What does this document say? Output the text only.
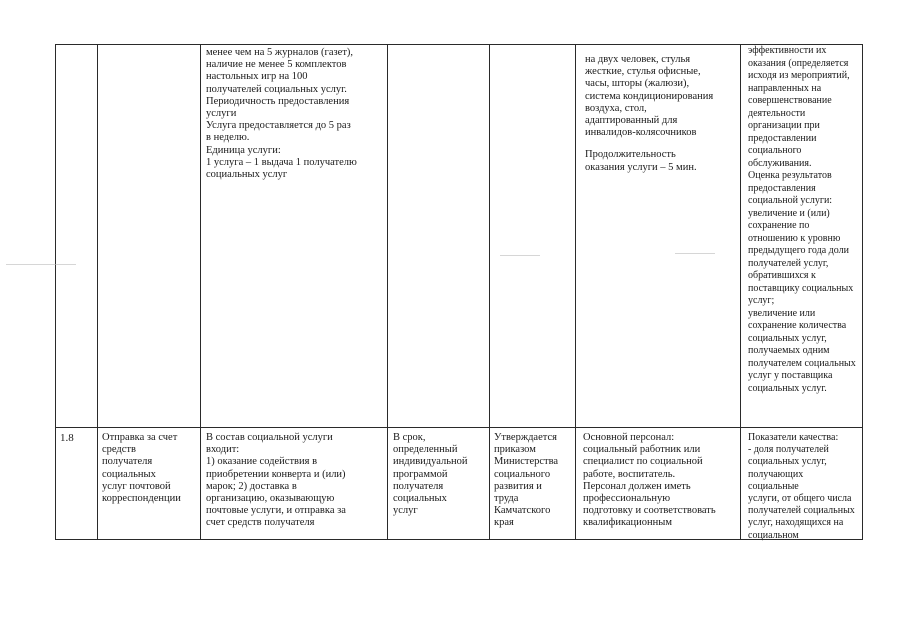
менее чем на 5 журналов (газет),
наличие не менее 5 комплектов
настольных игр на 100
получателей социальных услуг.
Периодичность предоставления
услуги
Услуга предоставляется до 5 раз
в неделю.
Единица услуги:
1 услуга – 1 выдача 1 получателю
социальных услуг
на двух человек, стулья
жесткие, стулья офисные,
часы, шторы (жалюзи),
система кондиционирования
воздуха, стол,
адаптированный для
инвалидов-колясочников
Продолжительность
оказания услуги – 5 мин.
эффективности их
оказания (определяется
исходя из мероприятий,
направленных на
совершенствование
деятельности
организации при
предоставлении
социального
обслуживания.
Оценка результатов
предоставления
социальной услуги:
увеличение и (или)
сохранение по
отношению к уровню
предыдущего года доли
получателей услуг,
обратившихся к
поставщику социальных
услуг;
увеличение или
сохранение количества
социальных услуг,
получаемых одним
получателем социальных
услуг у поставщика
социальных услуг.
1.8	Отправка за счет
средств
получателя
социальных
услуг почтовой
корреспонденции
В состав социальной услуги
входит:
1) оказание содействия в
приобретении конверта и (или)
марок; 2) доставка в
организацию, оказывающую
почтовые услуги, и отправка за
счет средств получателя
В срок,
определенный
индивидуальной
программой
получателя
социальных
услуг
Утверждается
приказом
Министерства
социального
развития и
труда
Камчатского
края
Основной персонал:
социальный работник или
специалист по социальной
работе, воспитатель.
Персонал должен иметь
профессиональную
подготовку и соответствовать
квалификационным
Показатели качества:
- доля получателей
социальных услуг,
получающих социальные
услуги, от общего числа
получателей социальных
услуг, находящихся на
социальном
